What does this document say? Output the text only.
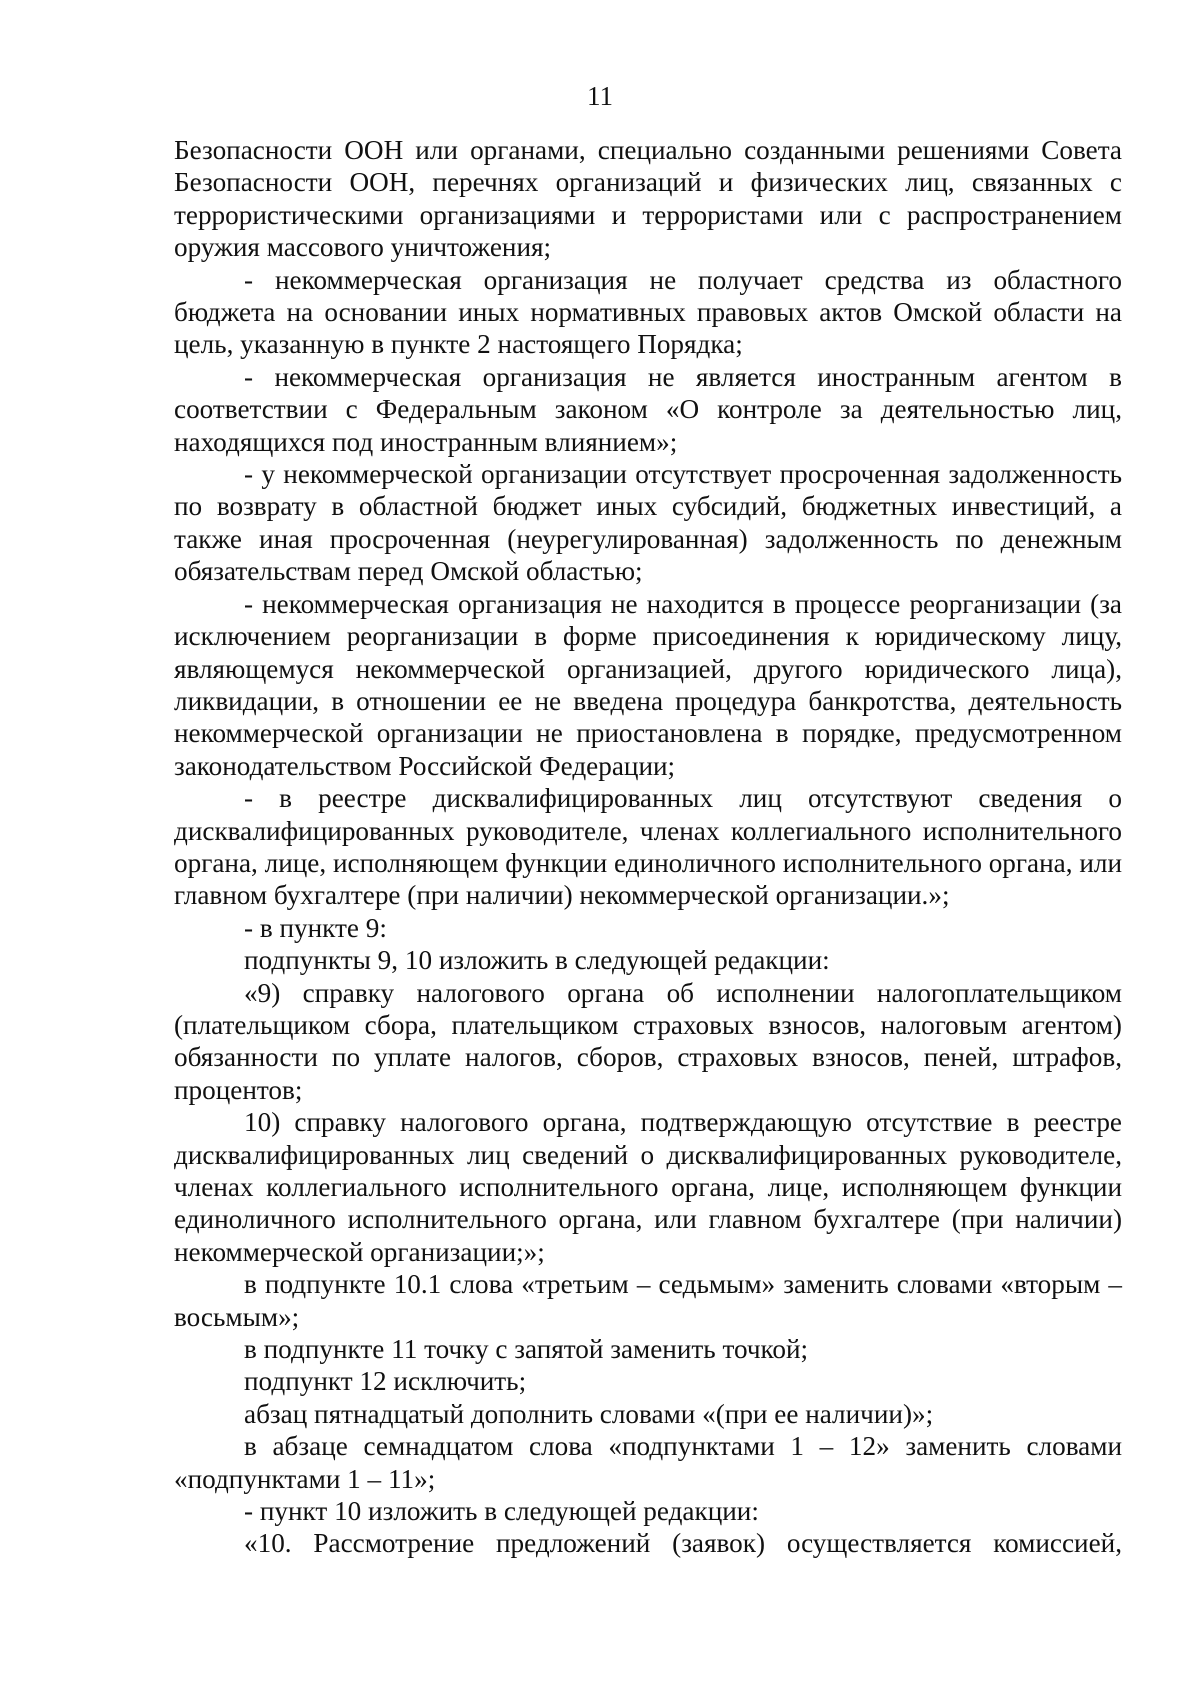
11

Безопасности ООН или органами, специально созданными решениями Совета Безопасности ООН, перечнях организаций и физических лиц, связанных с террористическими организациями и террористами или с распространением оружия массового уничтожения;

- некоммерческая организация не получает средства из областного бюджета на основании иных нормативных правовых актов Омской области на цель, указанную в пункте 2 настоящего Порядка;

- некоммерческая организация не является иностранным агентом в соответствии с Федеральным законом «О контроле за деятельностью лиц, находящихся под иностранным влиянием»;

- у некоммерческой организации отсутствует просроченная задолженность по возврату в областной бюджет иных субсидий, бюджетных инвестиций, а также иная просроченная (неурегулированная) задолженность по денежным обязательствам перед Омской областью;

- некоммерческая организация не находится в процессе реорганизации (за исключением реорганизации в форме присоединения к юридическому лицу, являющемуся некоммерческой организацией, другого юридического лица), ликвидации, в отношении ее не введена процедура банкротства, деятельность некоммерческой организации не приостановлена в порядке, предусмотренном законодательством Российской Федерации;

- в реестре дисквалифицированных лиц отсутствуют сведения о дисквалифицированных руководителе, членах коллегиального исполнительного органа, лице, исполняющем функции единоличного исполнительного органа, или главном бухгалтере (при наличии) некоммерческой организации.»;

- в пункте 9:

подпункты 9, 10 изложить в следующей редакции:

«9) справку налогового органа об исполнении налогоплательщиком (плательщиком сбора, плательщиком страховых взносов, налоговым агентом) обязанности по уплате налогов, сборов, страховых взносов, пеней, штрафов, процентов;

10) справку налогового органа, подтверждающую отсутствие в реестре дисквалифицированных лиц сведений о дисквалифицированных руководителе, членах коллегиального исполнительного органа, лице, исполняющем функции единоличного исполнительного органа, или главном бухгалтере (при наличии) некоммерческой организации;»;

в подпункте 10.1 слова «третьим – седьмым» заменить словами «вторым – восьмым»;

в подпункте 11 точку с запятой заменить точкой;

подпункт 12 исключить;

абзац пятнадцатый дополнить словами «(при ее наличии)»;

в абзаце семнадцатом слова «подпунктами 1 – 12» заменить словами «подпунктами 1 – 11»;

- пункт 10 изложить в следующей редакции:

«10. Рассмотрение предложений (заявок) осуществляется комиссией,
